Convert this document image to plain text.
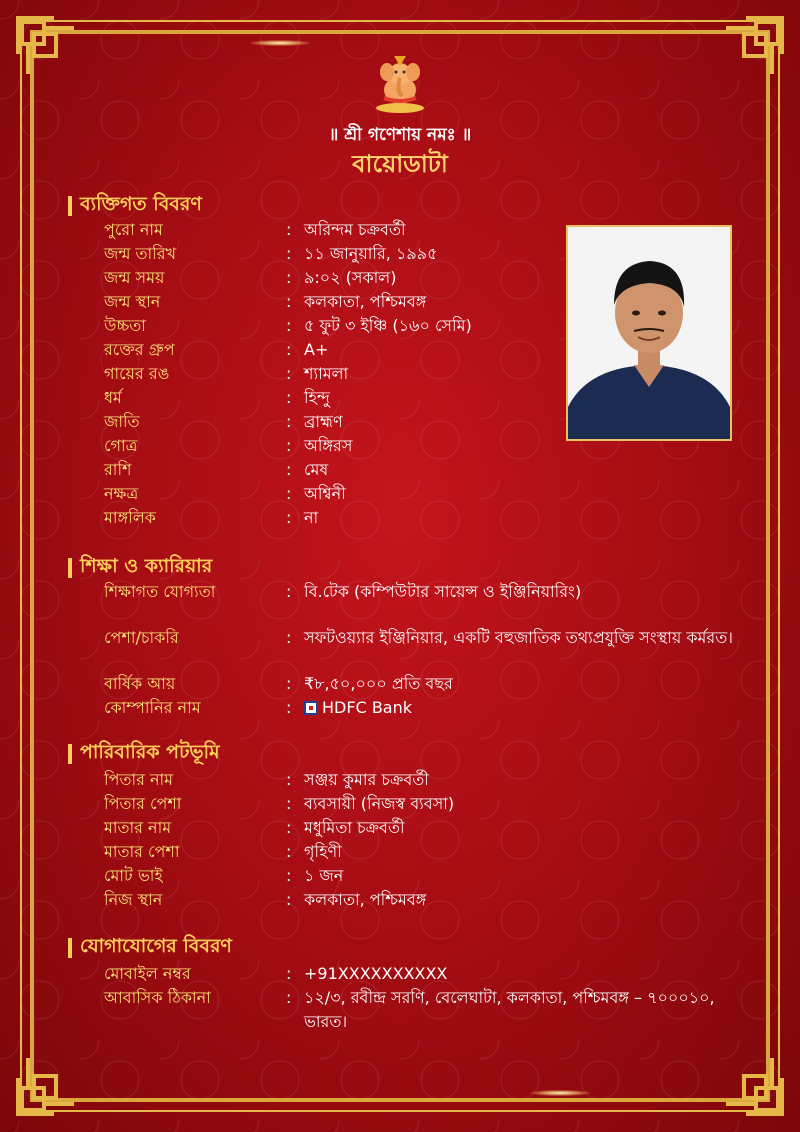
॥ শ্রী গণেশায় নমঃ ॥
বায়োডাটা
ব্যক্তিগত বিবরণ
পুরো নাম	: অরিন্দম চক্রবর্তী
জন্ম তারিখ	: ১১ জানুয়ারি, ১৯৯৫
জন্ম সময়	: ৯:০২ (সকাল)
জন্ম স্থান	: কলকাতা, পশ্চিমবঙ্গ
উচ্চতা	: ৫ ফুট ৩ ইঞ্চি (১৬০ সেমি)
রক্তের গ্রুপ	: A+
গায়ের রঙ	: শ্যামলা
ধর্ম	: হিন্দু
জাতি	: ব্রাহ্মণ
গোত্র	: অঙ্গিরস
রাশি	: মেষ
নক্ষত্র	: অশ্বিনী
মাঙ্গলিক	: না
শিক্ষা ও ক্যারিয়ার
শিক্ষাগত যোগ্যতা	: বি.টেক (কম্পিউটার সায়েন্স ও ইঞ্জিনিয়ারিং)
পেশা/চাকরি	: সফটওয়্যার ইঞ্জিনিয়ার, একটি বহুজাতিক তথ্যপ্রযুক্তি সংস্থায় কর্মরত।
বার্ষিক আয়	: ₹৮,৫০,০০০ প্রতি বছর
কোম্পানির নাম	:	HDFC Bank
পারিবারিক পটভূমি
পিতার নাম	: সঞ্জয় কুমার চক্রবর্তী
পিতার পেশা	: ব্যবসায়ী (নিজস্ব ব্যবসা)
মাতার নাম	: মধুমিতা চক্রবর্তী
মাতার পেশা	: গৃহিণী
মোট ভাই	: ১ জন
নিজ স্থান	: কলকাতা, পশ্চিমবঙ্গ
যোগাযোগের বিবরণ
মোবাইল নম্বর	: +91XXXXXXXXXX
আবাসিক ঠিকানা	: ১২/৩, রবীন্দ্র সরণি, বেলেঘাটা, কলকাতা, পশ্চিমবঙ্গ – ৭০০০১০, ভারত।
